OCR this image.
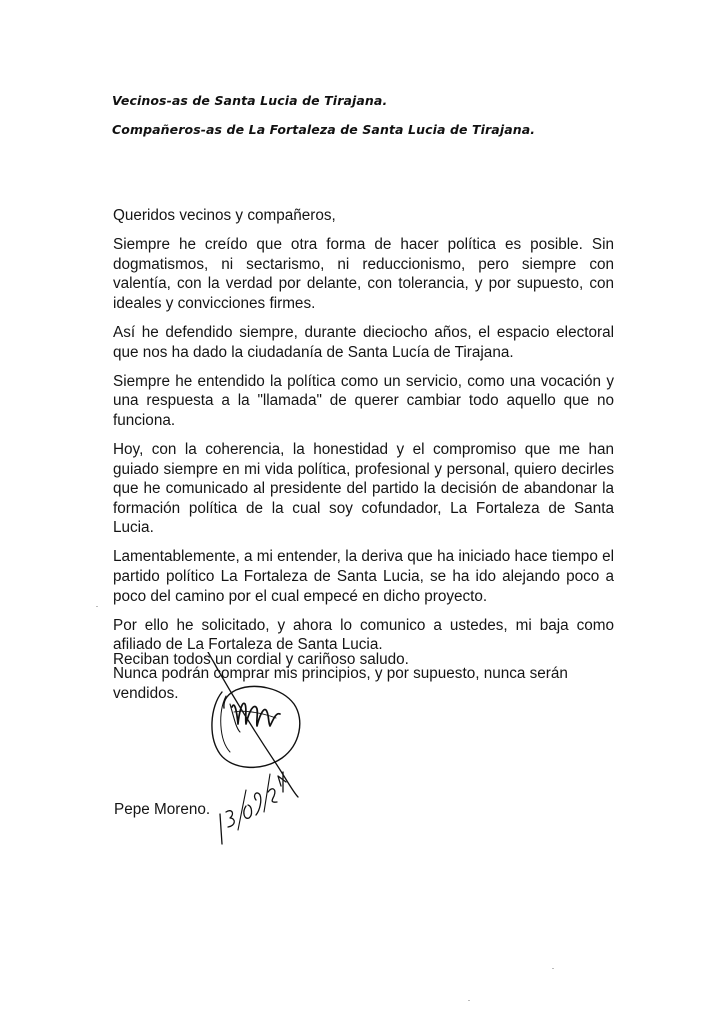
Vecinos-as de Santa Lucia de Tirajana.
Compañeros-as de La Fortaleza de Santa Lucia de Tirajana.

Queridos vecinos y compañeros,

Siempre he creído que otra forma de hacer política es posible. Sin dogmatismos, ni sectarismo, ni reduccionismo, pero siempre con valentía, con la verdad por delante, con tolerancia, y por supuesto, con ideales y convicciones firmes.

Así he defendido siempre, durante dieciocho años, el espacio electoral que nos ha dado la ciudadanía de Santa Lucía de Tirajana.

Siempre he entendido la política como un servicio, como una vocación y una respuesta a la "llamada" de querer cambiar todo aquello que no funciona.

Hoy, con la coherencia, la honestidad y el compromiso que me han guiado siempre en mi vida política, profesional y personal, quiero decirles que he comunicado al presidente del partido la decisión de abandonar la formación política de la cual soy cofundador, La Fortaleza de Santa Lucia.

Lamentablemente, a mi entender, la deriva que ha iniciado hace tiempo el partido político La Fortaleza de Santa Lucia, se ha ido alejando poco a poco del camino por el cual empecé en dicho proyecto.

Por ello he solicitado, y ahora lo comunico a ustedes, mi baja como afiliado de La Fortaleza de Santa Lucia.

Nunca podrán comprar mis principios, y por supuesto, nunca serán vendidos.

Reciban todos un cordial y cariñoso saludo.
Pepe Moreno.
